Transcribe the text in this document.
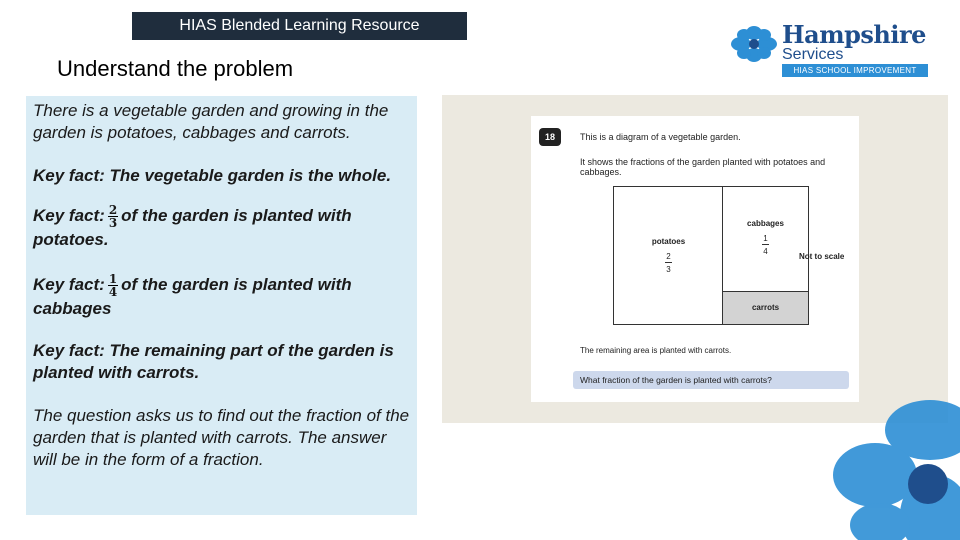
HIAS Blended Learning Resource
Understand the problem
Hampshire
Services
HIAS SCHOOL IMPROVEMENT

There is a vegetable garden and growing in the garden is potatoes, cabbages and carrots.

Key fact: The vegetable garden is the whole.

Key fact: $\frac{2}{3}$ of the garden is planted with potatoes.

Key fact: $\frac{1}{4}$ of the garden is planted with cabbages

Key fact: The remaining part of the garden is planted with carrots.

The question asks us to find out the fraction of the garden that is planted with carrots. The answer will be in the form of a fraction.

18	This is a diagram of a vegetable garden.
It shows the fractions of the garden planted with potatoes and cabbages.
potatoes
2
3
cabbages
1
4
carrots
Not to scale
The remaining area is planted with carrots.
What fraction of the garden is planted with carrots?
